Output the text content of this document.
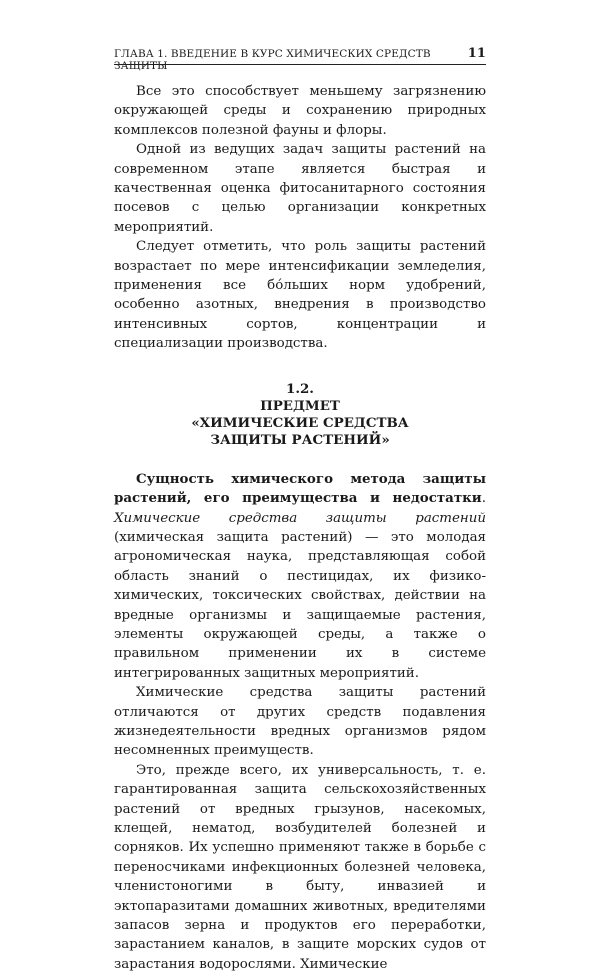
ГЛАВА 1. ВВЕДЕНИЕ В КУРС ХИМИЧЕСКИХ СРЕДСТВ ЗАЩИТЫ
11

Все это способствует меньшему загрязнению окружающей среды и сохранению природных комплексов полезной фауны и флоры.

Одной из ведущих задач защиты растений на современном этапе является быстрая и качественная оценка фитосанитарного состояния посевов с целью организации конкретных мероприятий.

Следует отметить, что роль защиты растений возрастает по мере интенсификации земледелия, применения все бо́льших норм удобрений, особенно азотных, внедрения в производство интенсивных сортов, концентрации и специализации производства.

1.2.
ПРЕДМЕТ
«ХИМИЧЕСКИЕ СРЕДСТВА
ЗАЩИТЫ РАСТЕНИЙ»

Сущность химического метода защиты растений, его преимущества и недостатки. Химические средства защиты растений (химическая защита растений) — это молодая агрономическая наука, представляющая собой область знаний о пестицидах, их физико-химических, токсических свойствах, действии на вредные организмы и защищаемые растения, элементы окружающей среды, а также о правильном применении их в системе интегрированных защитных мероприятий.

Химические средства защиты растений отличаются от других средств подавления жизнедеятельности вредных организмов рядом несомненных преимуществ.

Это, прежде всего, их универсальность, т. е. гарантированная защита сельскохозяйственных растений от вредных грызунов, насекомых, клещей, нематод, возбудителей болезней и сорняков. Их успешно применяют также в борьбе с переносчиками инфекционных болезней человека, членистоногими в быту, инвазией и эктопаразитами домашних животных, вредителями запасов зерна и продуктов его переработки, зарастанием каналов, в защите морских судов от зарастания водорослями. Химические
